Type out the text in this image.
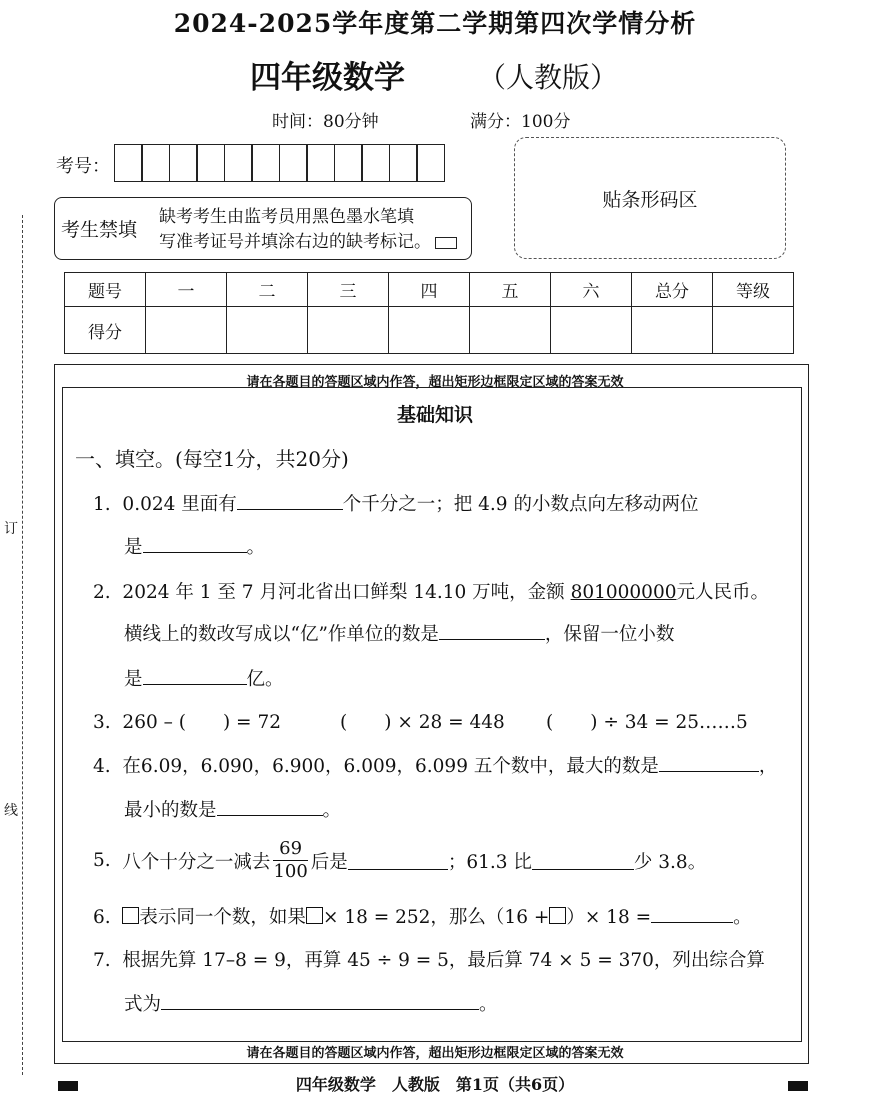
订
线
2024-2025学年度第二学期第四次学情分析
四年级数学	（人教版）
时间：80分钟	满分：100分
考号：
贴条形码区
考生禁填
缺考考生由监考员用黑色墨水笔填
写准考证号并填涂右边的缺考标记。
题号	一	二	三	四	五	六	总分	等级
得分								
请在各题目的答题区域内作答，超出矩形边框限定区域的答案无效
请在各题目的答题区域内作答，超出矩形边框限定区域的答案无效
基础知识
一、填空。(每空1分，共20分)
1. 0.024 里面有	个千分之一；把 4.9 的小数点向左移动两位
是	。
2. 2024 年 1 至 7 月河北省出口鲜梨 14.10 万吨，金额 801000000元人民币。
横线上的数改写成以“亿”作单位的数是	，保留一位小数
是	亿。
3. 260 – (　　) = 72	(　　) × 28 = 448 (　　) ÷ 34 = 25……5
4. 在6.09，6.090，6.900，6.009，6.099 五个数中，最大的数是	，
最小的数是	。
5.
八个十分之一减去 $\frac{69}{100}$ 后是	；61.3 比	少 3.8。
6. 表示同一个数，如果 × 18 = 252，那么（16 + ）× 18 =	。
7. 根据先算 17–8 = 9，再算 45 ÷ 9 = 5，最后算 74 × 5 = 370，列出综合算
式为	。
四年级数学　人教版　第1页（共6页）
